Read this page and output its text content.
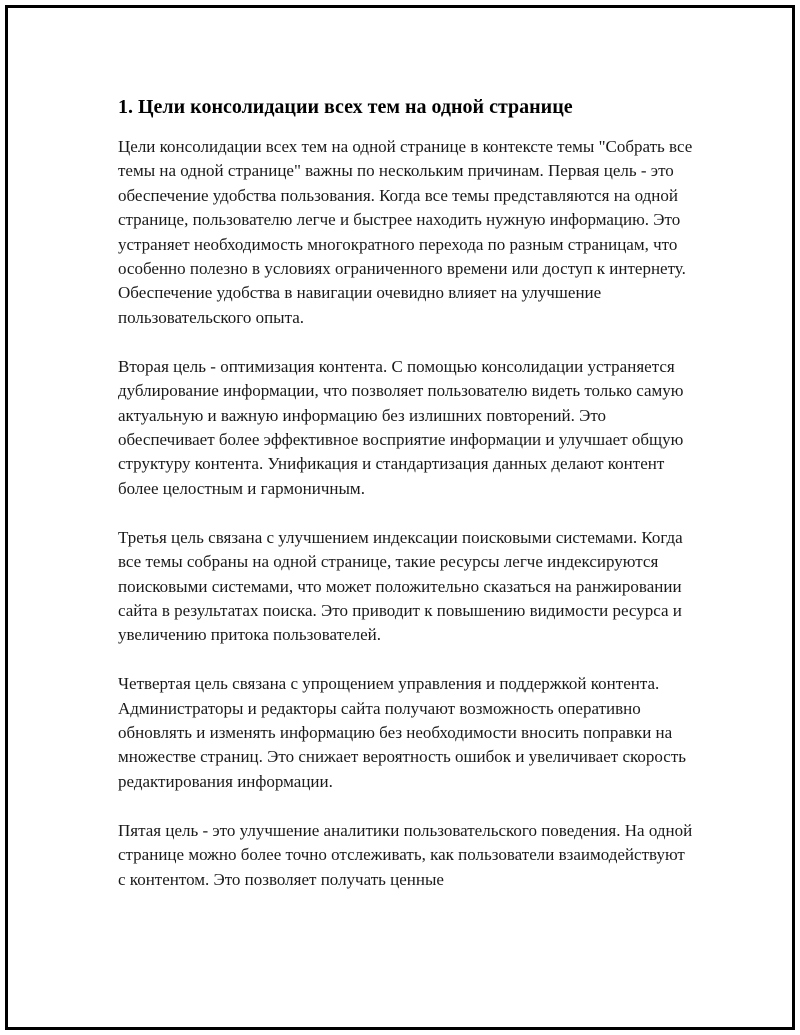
1. Цели консолидации всех тем на одной странице

Цели консолидации всех тем на одной странице в контексте темы "Собрать все темы на одной странице" важны по нескольким причинам. Первая цель - это обеспечение удобства пользования. Когда все темы представляются на одной странице, пользователю легче и быстрее находить нужную информацию. Это устраняет необходимость многократного перехода по разным страницам, что особенно полезно в условиях ограниченного времени или доступ к интернету. Обеспечение удобства в навигации очевидно влияет на улучшение пользовательского опыта.

Вторая цель - оптимизация контента. С помощью консолидации устраняется дублирование информации, что позволяет пользователю видеть только самую актуальную и важную информацию без излишних повторений. Это обеспечивает более эффективное восприятие информации и улучшает общую структуру контента. Унификация и стандартизация данных делают контент более целостным и гармоничным.

Третья цель связана с улучшением индексации поисковыми системами. Когда все темы собраны на одной странице, такие ресурсы легче индексируются поисковыми системами, что может положительно сказаться на ранжировании сайта в результатах поиска. Это приводит к повышению видимости ресурса и увеличению притока пользователей.

Четвертая цель связана с упрощением управления и поддержкой контента. Администраторы и редакторы сайта получают возможность оперативно обновлять и изменять информацию без необходимости вносить поправки на множестве страниц. Это снижает вероятность ошибок и увеличивает скорость редактирования информации.

Пятая цель - это улучшение аналитики пользовательского поведения. На одной странице можно более точно отслеживать, как пользователи взаимодействуют с контентом. Это позволяет получать ценные
